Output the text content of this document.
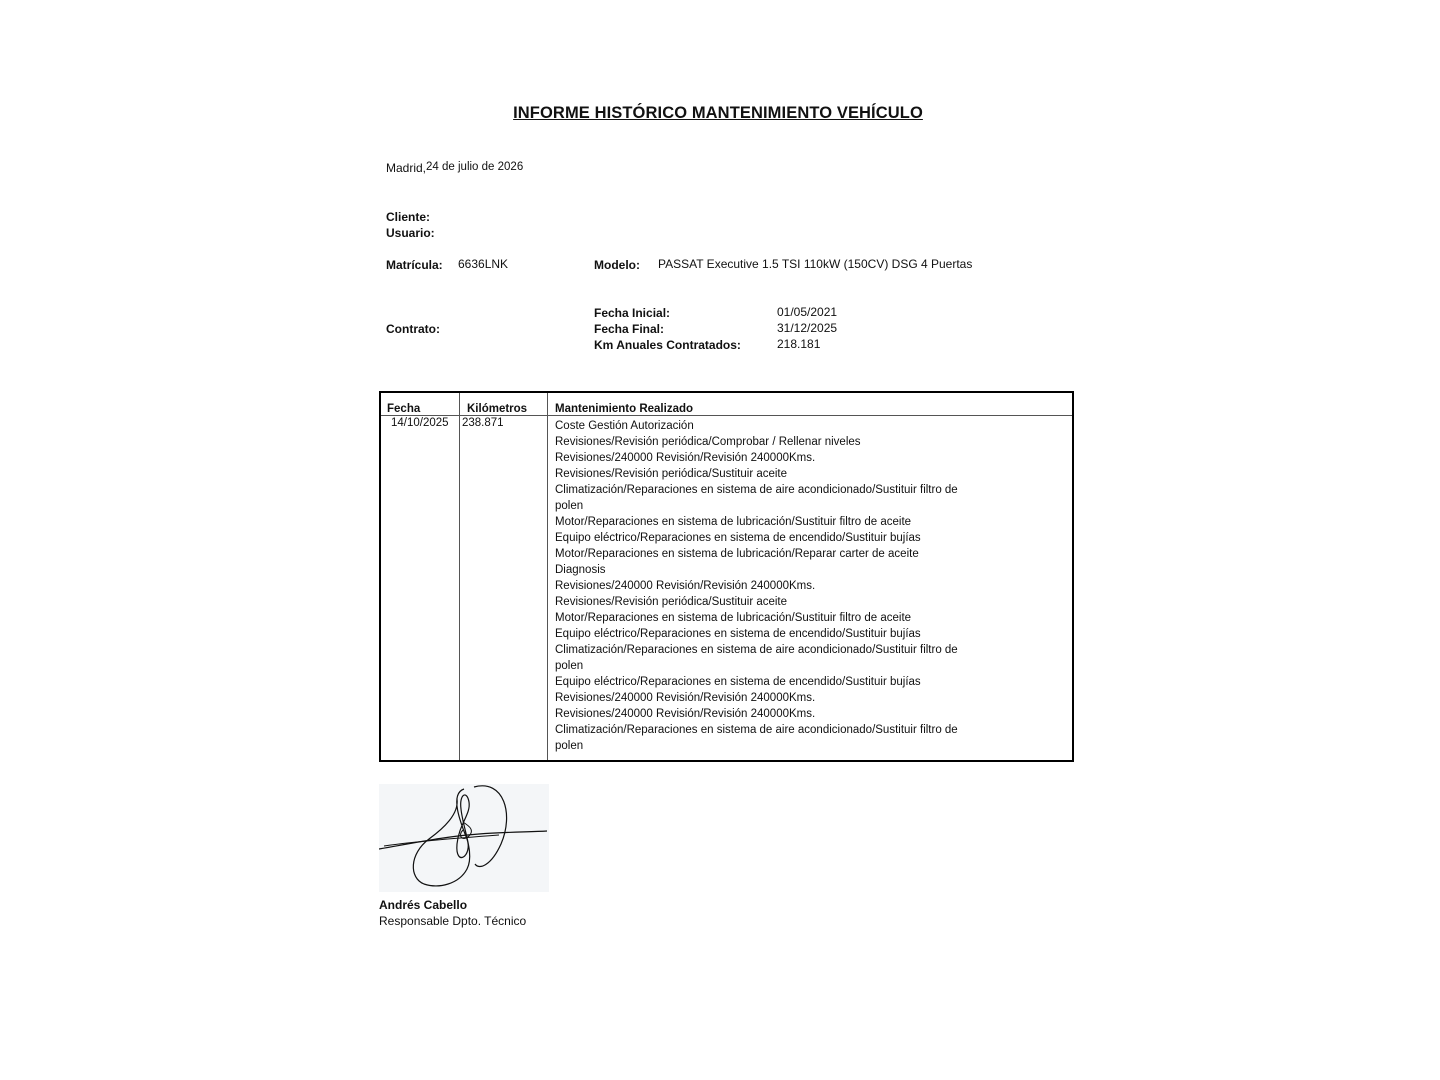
INFORME HISTÓRICO MANTENIMIENTO VEHÍCULO
Madrid,24 de julio de 2026
Cliente:
Usuario:
Matrícula: 6636LNK	Modelo: PASSAT Executive 1.5 TSI 110kW (150CV) DSG 4 Puertas
Fecha Inicial:	01/05/2021
Contrato:	Fecha Final:	31/12/2025
Km Anuales Contratados:	218.181
Fecha	Kilómetros Mantenimiento Realizado
14/10/2025 238.871	Coste Gestión Autorización
Revisiones/Revisión periódica/Comprobar / Rellenar niveles
Revisiones/240000 Revisión/Revisión 240000Kms.
Revisiones/Revisión periódica/Sustituir aceite
Climatización/Reparaciones en sistema de aire acondicionado/Sustituir filtro de
polen
Motor/Reparaciones en sistema de lubricación/Sustituir filtro de aceite
Equipo eléctrico/Reparaciones en sistema de encendido/Sustituir bujías
Motor/Reparaciones en sistema de lubricación/Reparar carter de aceite
Diagnosis
Revisiones/240000 Revisión/Revisión 240000Kms.
Revisiones/Revisión periódica/Sustituir aceite
Motor/Reparaciones en sistema de lubricación/Sustituir filtro de aceite
Equipo eléctrico/Reparaciones en sistema de encendido/Sustituir bujías
Climatización/Reparaciones en sistema de aire acondicionado/Sustituir filtro de
polen
Equipo eléctrico/Reparaciones en sistema de encendido/Sustituir bujías
Revisiones/240000 Revisión/Revisión 240000Kms.
Revisiones/240000 Revisión/Revisión 240000Kms.
Climatización/Reparaciones en sistema de aire acondicionado/Sustituir filtro de
polen
Andrés Cabello
Responsable Dpto. Técnico
